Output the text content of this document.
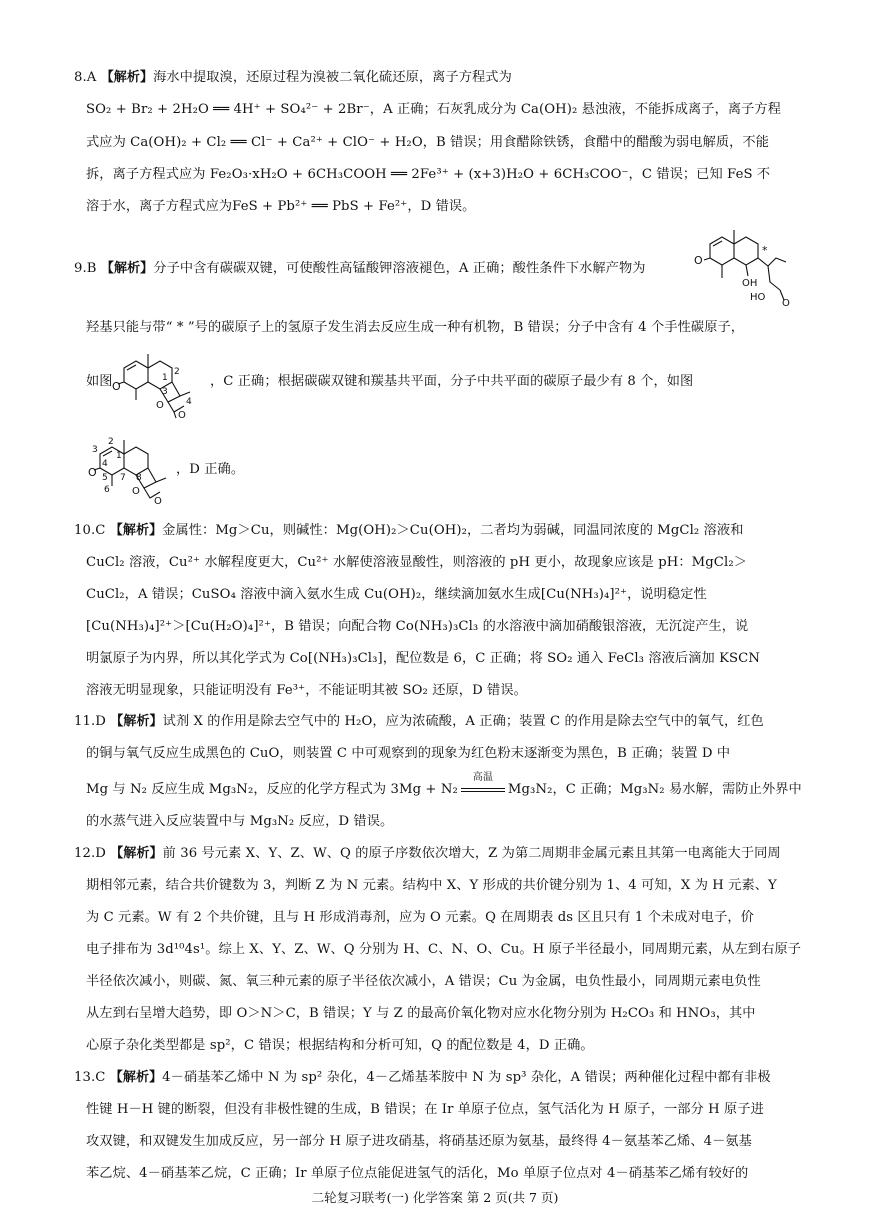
8.A 【解析】海水中提取溴，还原过程为溴被二氧化硫还原，离子方程式为
SO₂ + Br₂ + 2H₂O ══ 4H⁺ + SO₄²⁻ + 2Br⁻，A 正确；石灰乳成分为 Ca(OH)₂ 悬浊液，不能拆成离子，离子方程
式应为 Ca(OH)₂ + Cl₂ ══ Cl⁻ + Ca²⁺ + ClO⁻ + H₂O，B 错误；用食醋除铁锈，食醋中的醋酸为弱电解质，不能
拆，离子方程式应为 Fe₂O₃·xH₂O + 6CH₃COOH ══ 2Fe³⁺ + (x+3)H₂O + 6CH₃COO⁻，C 错误；已知 FeS 不
溶于水，离子方程式应为FeS + Pb²⁺ ══ PbS + Fe²⁺，D 错误。
9.B 【解析】分子中含有碳碳双键，可使酸性高锰酸钾溶液褪色，A 正确；酸性条件下水解产物为
O
OH
HO
O
*
羟基只能与带“ * ”号的碳原子上的氢原子发生消去反应生成一种有机物，B 错误；分子中含有 4 个手性碳原子，
如图 O
O
O
1
2
3
4
，C 正确；根据碳碳双键和羰基共平面，分子中共平面的碳原子最少有 8 个，如图
O
O
O
1
2
3
4
5
6
7 8
，D 正确。
10.C 【解析】金属性：Mg＞Cu，则碱性：Mg(OH)₂＞Cu(OH)₂，二者均为弱碱，同温同浓度的 MgCl₂ 溶液和
CuCl₂ 溶液，Cu²⁺ 水解程度更大，Cu²⁺ 水解使溶液显酸性，则溶液的 pH 更小，故现象应该是 pH：MgCl₂＞
CuCl₂，A 错误；CuSO₄ 溶液中滴入氨水生成 Cu(OH)₂，继续滴加氨水生成[Cu(NH₃)₄]²⁺，说明稳定性
[Cu(NH₃)₄]²⁺＞[Cu(H₂O)₄]²⁺，B 错误；向配合物 Co(NH₃)₃Cl₃ 的水溶液中滴加硝酸银溶液，无沉淀产生，说
明氯原子为内界，所以其化学式为 Co[(NH₃)₃Cl₃]，配位数是 6，C 正确；将 SO₂ 通入 FeCl₃ 溶液后滴加 KSCN
溶液无明显现象，只能证明没有 Fe³⁺，不能证明其被 SO₂ 还原，D 错误。
11.D 【解析】试剂 X 的作用是除去空气中的 H₂O，应为浓硫酸，A 正确；装置 C 的作用是除去空气中的氧气，红色
的铜与氧气反应生成黑色的 CuO，则装置 C 中可观察到的现象为红色粉末逐渐变为黑色，B 正确；装置 D 中
Mg 与 N₂ 反应生成 Mg₃N₂，反应的化学方程式为 3Mg + N₂
高温
Mg₃N₂，C 正确；Mg₃N₂ 易水解，需防止外界中
的水蒸气进入反应装置中与 Mg₃N₂ 反应，D 错误。
12.D 【解析】前 36 号元素 X、Y、Z、W、Q 的原子序数依次增大，Z 为第二周期非金属元素且其第一电离能大于同周
期相邻元素，结合共价键数为 3，判断 Z 为 N 元素。结构中 X、Y 形成的共价键分别为 1、4 可知，X 为 H 元素、Y
为 C 元素。W 有 2 个共价键，且与 H 形成消毒剂，应为 O 元素。Q 在周期表 ds 区且只有 1 个未成对电子，价
电子排布为 3d¹⁰4s¹。综上 X、Y、Z、W、Q 分别为 H、C、N、O、Cu。H 原子半径最小，同周期元素，从左到右原子
半径依次减小，则碳、氮、氧三种元素的原子半径依次减小，A 错误；Cu 为金属，电负性最小，同周期元素电负性
从左到右呈增大趋势，即 O＞N＞C，B 错误；Y 与 Z 的最高价氧化物对应水化物分别为 H₂CO₃ 和 HNO₃，其中
心原子杂化类型都是 sp²，C 错误；根据结构和分析可知，Q 的配位数是 4，D 正确。
13.C 【解析】4－硝基苯乙烯中 N 为 sp² 杂化，4－乙烯基苯胺中 N 为 sp³ 杂化，A 错误；两种催化过程中都有非极
性键 H－H 键的断裂，但没有非极性键的生成，B 错误；在 Ir 单原子位点，氢气活化为 H 原子，一部分 H 原子进
攻双键，和双键发生加成反应，另一部分 H 原子进攻硝基，将硝基还原为氨基，最终得 4－氨基苯乙烯、4－氨基
苯乙烷、4－硝基苯乙烷，C 正确；Ir 单原子位点能促进氢气的活化，Mo 单原子位点对 4－硝基苯乙烯有较好的
二轮复习联考(一) 化学答案 第 2 页(共 7 页)
